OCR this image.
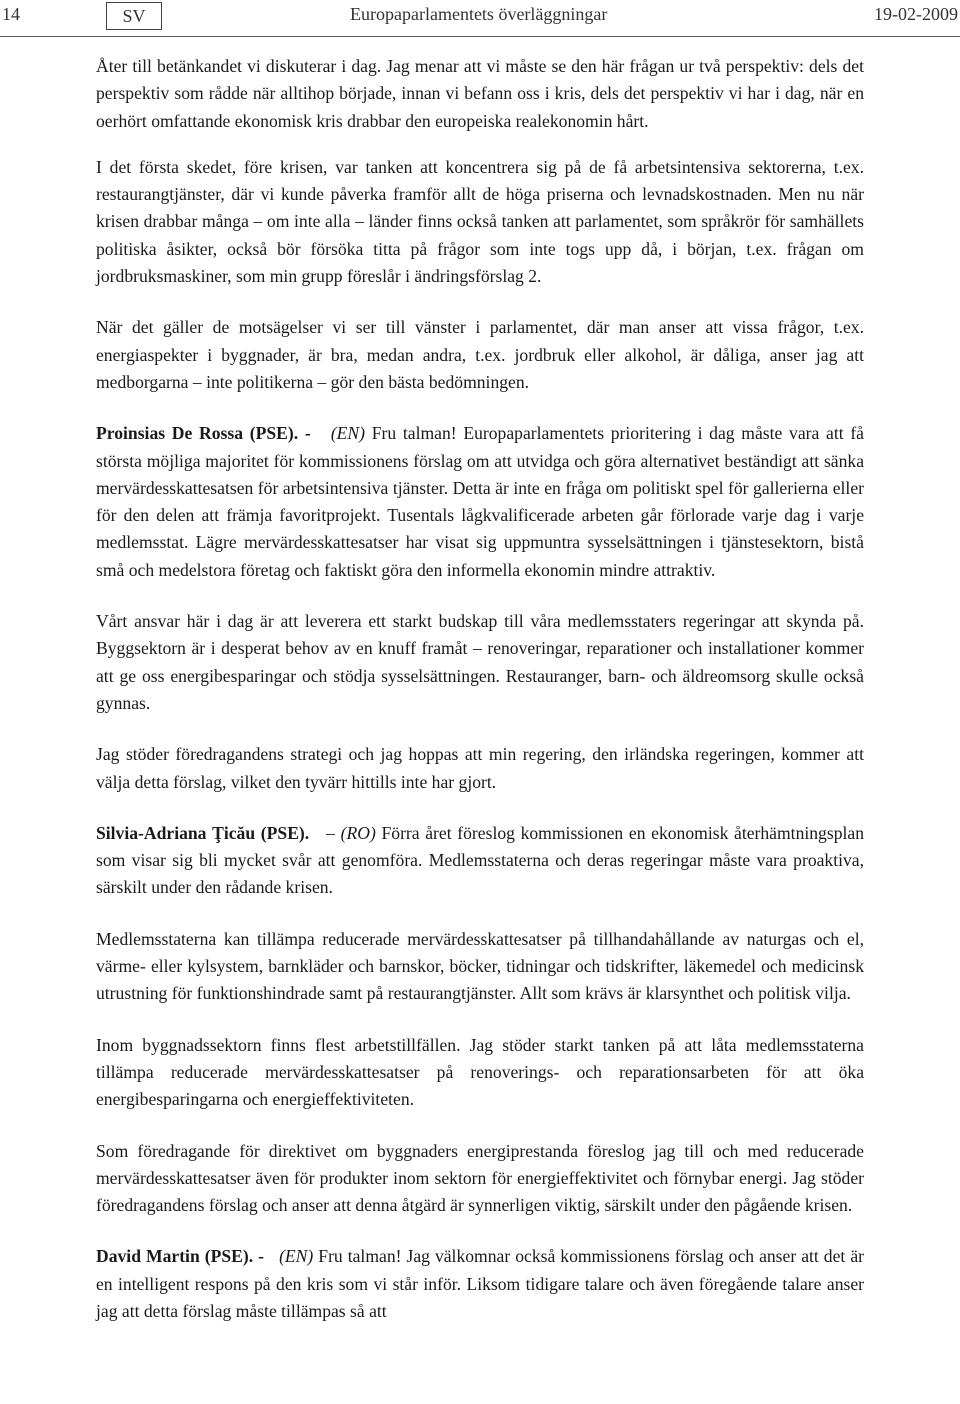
14	SV	Europaparlamentets överläggningar	19-02-2009

Åter till betänkandet vi diskuterar i dag. Jag menar att vi måste se den här frågan ur två perspektiv: dels det perspektiv som rådde när alltihop började, innan vi befann oss i kris, dels det perspektiv vi har i dag, när en oerhört omfattande ekonomisk kris drabbar den europeiska realekonomin hårt.

I det första skedet, före krisen, var tanken att koncentrera sig på de få arbetsintensiva sektorerna, t.ex. restaurangtjänster, där vi kunde påverka framför allt de höga priserna och levnadskostnaden. Men nu när krisen drabbar många – om inte alla – länder finns också tanken att parlamentet, som språkrör för samhällets politiska åsikter, också bör försöka titta på frågor som inte togs upp då, i början, t.ex. frågan om jordbruksmaskiner, som min grupp föreslår i ändringsförslag 2.

När det gäller de motsägelser vi ser till vänster i parlamentet, där man anser att vissa frågor, t.ex. energiaspekter i byggnader, är bra, medan andra, t.ex. jordbruk eller alkohol, är dåliga, anser jag att medborgarna – inte politikerna – gör den bästa bedömningen.

Proinsias De Rossa (PSE). - (EN) Fru talman! Europaparlamentets prioritering i dag måste vara att få största möjliga majoritet för kommissionens förslag om att utvidga och göra alternativet beständigt att sänka mervärdesskattesatsen för arbetsintensiva tjänster. Detta är inte en fråga om politiskt spel för gallerierna eller för den delen att främja favoritprojekt. Tusentals lågkvalificerade arbeten går förlorade varje dag i varje medlemsstat. Lägre mervärdesskattesatser har visat sig uppmuntra sysselsättningen i tjänstesektorn, bistå små och medelstora företag och faktiskt göra den informella ekonomin mindre attraktiv.

Vårt ansvar här i dag är att leverera ett starkt budskap till våra medlemsstaters regeringar att skynda på. Byggsektorn är i desperat behov av en knuff framåt – renoveringar, reparationer och installationer kommer att ge oss energibesparingar och stödja sysselsättningen. Restauranger, barn- och äldreomsorg skulle också gynnas.

Jag stöder föredragandens strategi och jag hoppas att min regering, den irländska regeringen, kommer att välja detta förslag, vilket den tyvärr hittills inte har gjort.

Silvia-Adriana Ţicău (PSE). – (RO) Förra året föreslog kommissionen en ekonomisk återhämtningsplan som visar sig bli mycket svår att genomföra. Medlemsstaterna och deras regeringar måste vara proaktiva, särskilt under den rådande krisen.

Medlemsstaterna kan tillämpa reducerade mervärdesskattesatser på tillhandahållande av naturgas och el, värme- eller kylsystem, barnkläder och barnskor, böcker, tidningar och tidskrifter, läkemedel och medicinsk utrustning för funktionshindrade samt på restaurangtjänster. Allt som krävs är klarsynthet och politisk vilja.

Inom byggnadssektorn finns flest arbetstillfällen. Jag stöder starkt tanken på att låta medlemsstaterna tillämpa reducerade mervärdesskattesatser på renoverings- och reparationsarbeten för att öka energibesparingarna och energieffektiviteten.

Som föredragande för direktivet om byggnaders energiprestanda föreslog jag till och med reducerade mervärdesskattesatser även för produkter inom sektorn för energieffektivitet och förnybar energi. Jag stöder föredragandens förslag och anser att denna åtgärd är synnerligen viktig, särskilt under den pågående krisen.

David Martin (PSE). - (EN) Fru talman! Jag välkomnar också kommissionens förslag och anser att det är en intelligent respons på den kris som vi står inför. Liksom tidigare talare och även föregående talare anser jag att detta förslag måste tillämpas så att
